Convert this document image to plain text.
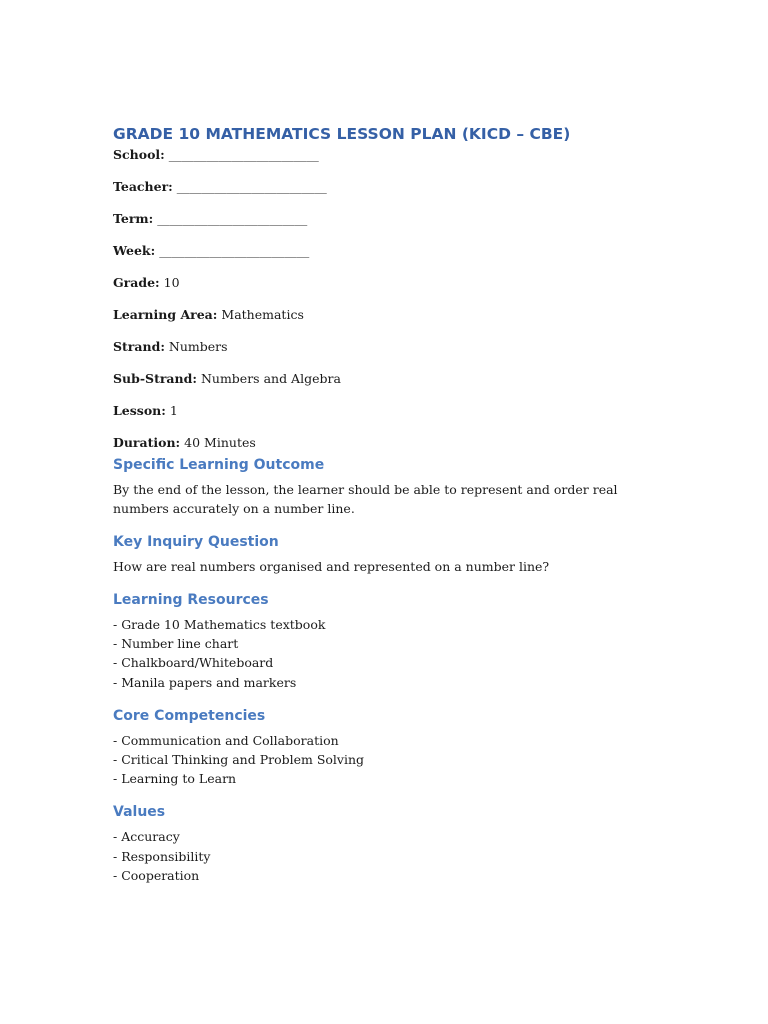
GRADE 10 MATHEMATICS LESSON PLAN (KICD – CBE)

School: ________________________

Teacher: ________________________

Term: ________________________

Week: ________________________

Grade: 10

Learning Area: Mathematics

Strand: Numbers

Sub-Strand: Numbers and Algebra

Lesson: 1

Duration: 40 Minutes

Specific Learning Outcome

By the end of the lesson, the learner should be able to represent and order real numbers accurately on a number line.

Key Inquiry Question

How are real numbers organised and represented on a number line?

Learning Resources
- Grade 10 Mathematics textbook
- Number line chart
- Chalkboard/Whiteboard
- Manila papers and markers
Core Competencies
- Communication and Collaboration
- Critical Thinking and Problem Solving
- Learning to Learn
Values
- Accuracy
- Responsibility
- Cooperation
